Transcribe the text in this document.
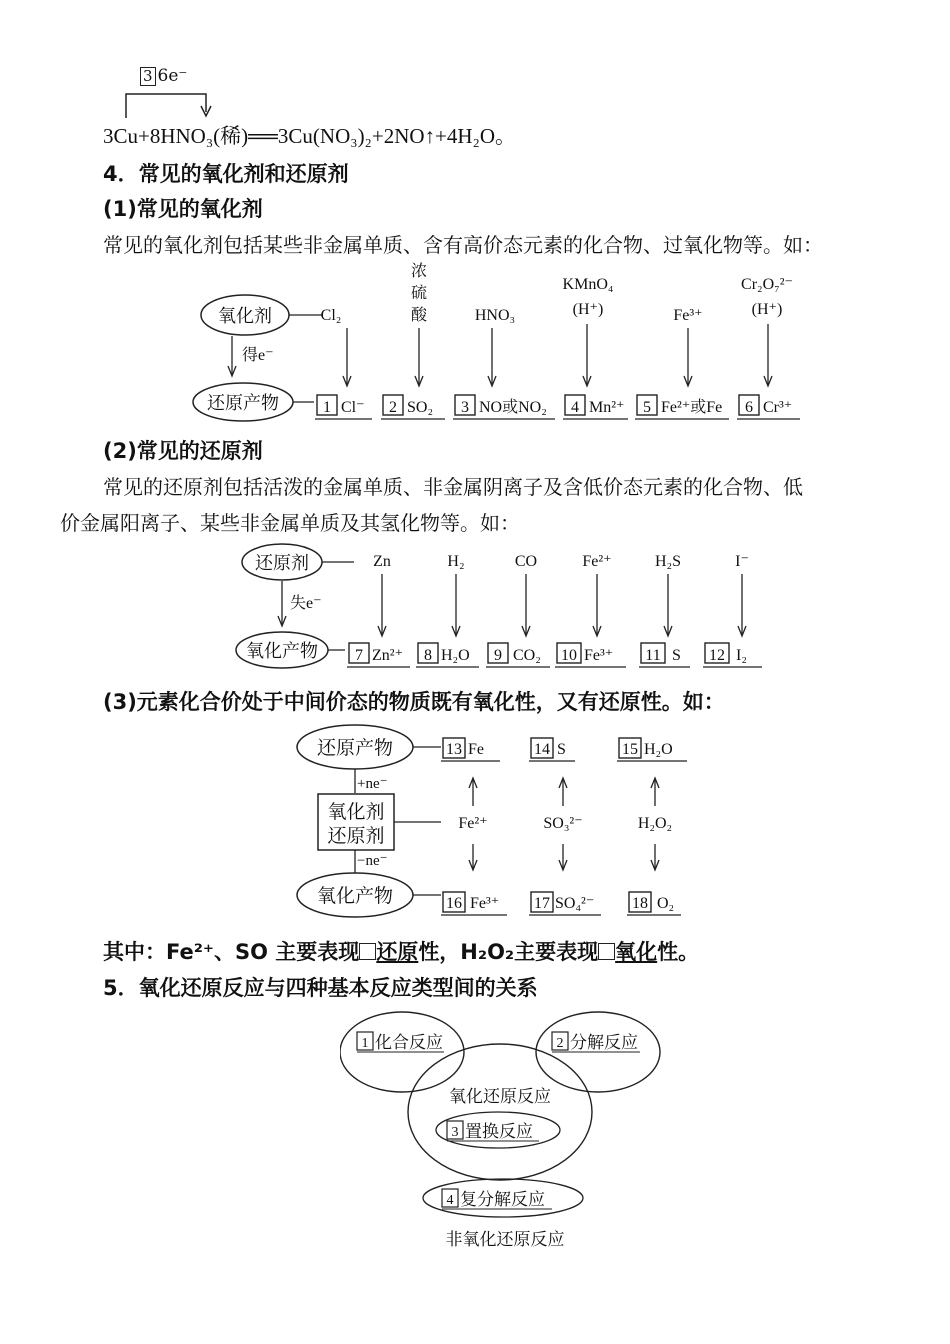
3 6e⁻
3Cu+8HNO₃(稀)══3Cu(NO₃)₂+2NO↑+4H₂O。
4．常见的氧化剂和还原剂
(1)常见的氧化剂
常见的氧化剂包括某些非金属单质、含有高价态元素的化合物、过氧化物等。如：
氧化剂
得e⁻
还原产物
Cl₂
浓
硫
酸	HNO₃
KMnO₄
(H⁺)	Fe³⁺
Cr₂O₇²⁻
(H⁺)
1 Cl⁻ 2 SO₂ 3 NO或NO₂ 4 Mn²⁺ 5 Fe²⁺或Fe 6 Cr³⁺
(2)常见的还原剂
常见的还原剂包括活泼的金属单质、非金属阴离子及含低价态元素的化合物、低
价金属阳离子、某些非金属单质及其氢化物等。如：
还原剂
失e⁻
氧化产物
Zn	H₂	CO	Fe²⁺	H₂S	I⁻
7 Zn²⁺ 8 H₂O 9 CO₂ 10 Fe³⁺ 11 S 12 I₂
(3)元素化合价处于中间价态的物质既有氧化性，又有还原性。如：
还原产物
+ne⁻
氧化剂
还原剂
−ne⁻
氧化产物
Fe²⁺	SO₃²⁻	H₂O₂
13 Fe	14 S	15 H₂O
16 Fe³⁺ 17 SO₄²⁻ 18 O₂
其中：Fe²⁺、SO 主要表现 还原性，H₂O₂主要表现 氧化性。
5．氧化还原反应与四种基本反应类型间的关系
1 化合反应	2 分解反应
氧化还原反应
3 置换反应
4 复分解反应
非氧化还原反应
